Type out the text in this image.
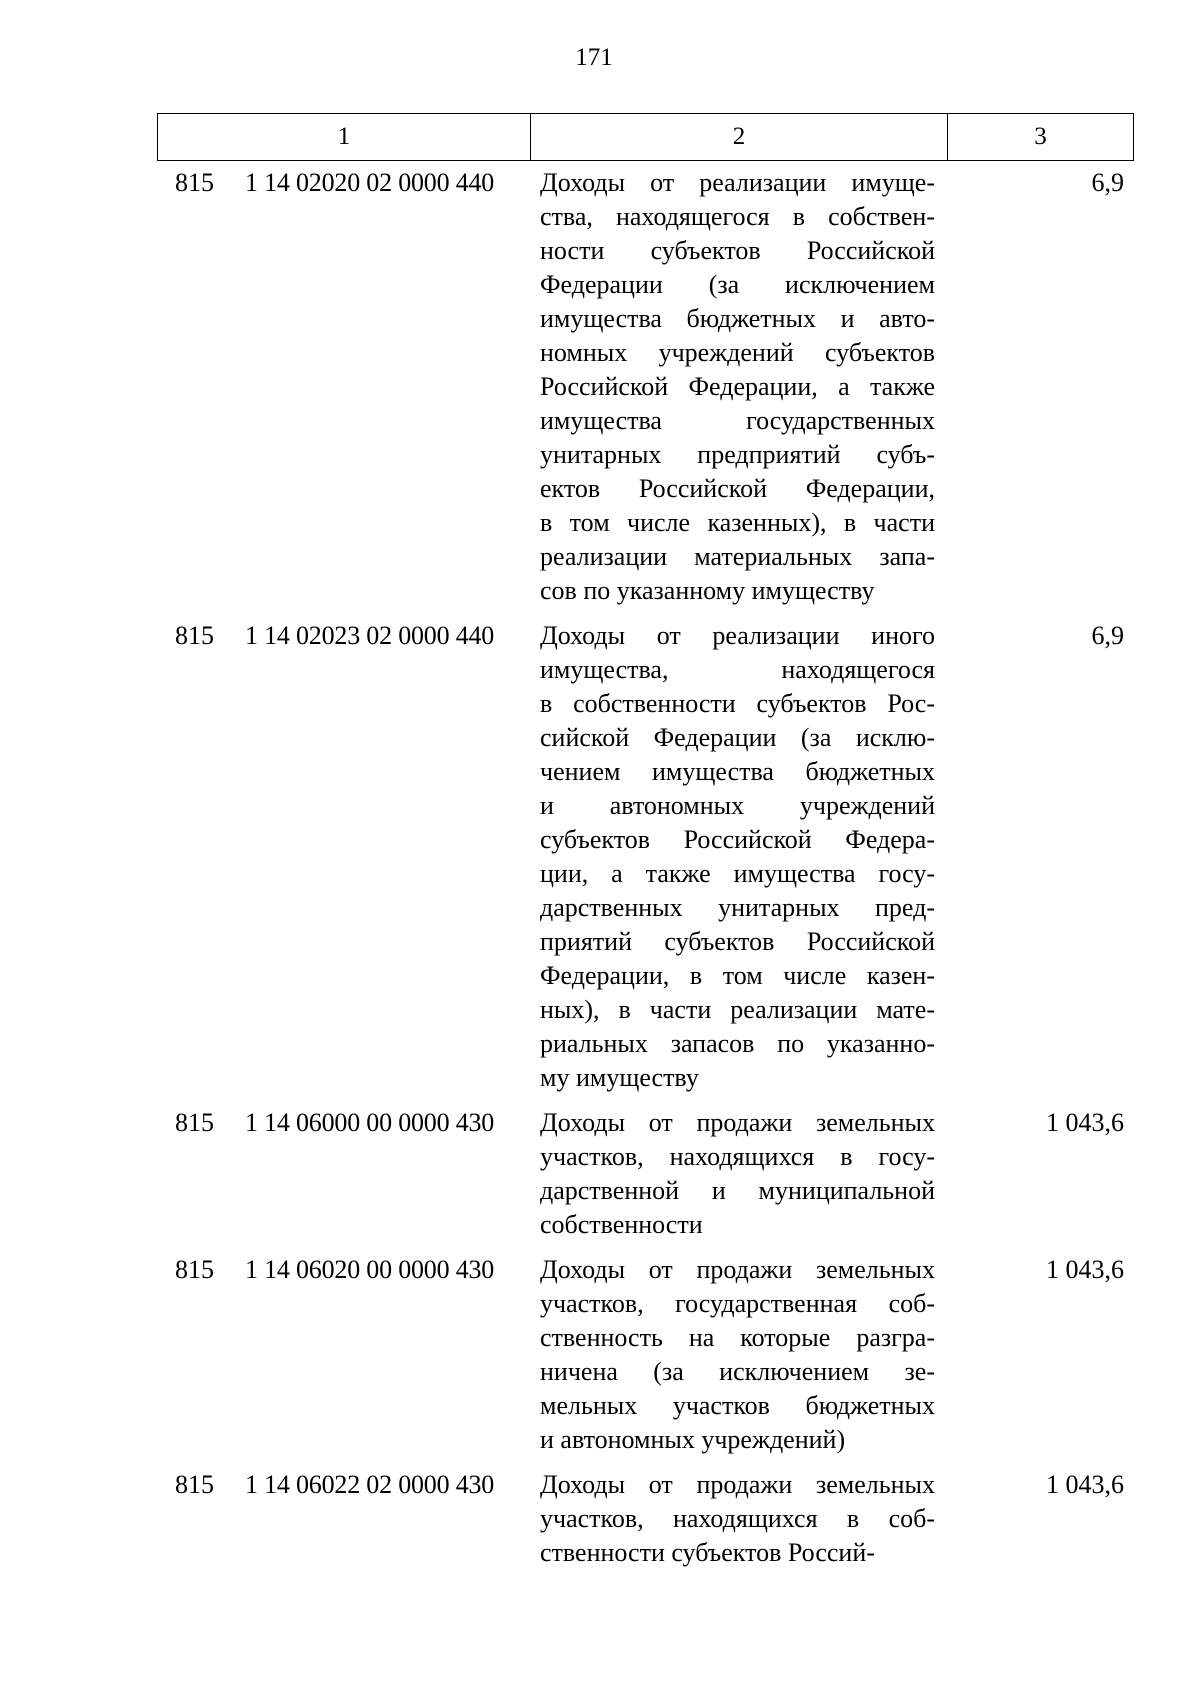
171
1	2	3
815 1 14 02020 02 0000 440 Доходы от реализации имуще-
ства, находящегося в собствен-
ности субъектов Российской
Федерации (за исключением
имущества бюджетных и авто-
номных учреждений субъектов
Российской Федерации, а также
имущества государственных
унитарных предприятий субъ-
ектов Российской Федерации,
в том числе казенных), в части
реализации материальных запа-
сов по указанному имуществу
6,9
815 1 14 02023 02 0000 440 Доходы от реализации иного
имущества, находящегося
в собственности субъектов Рос-
сийской Федерации (за исклю-
чением имущества бюджетных
и автономных учреждений
субъектов Российской Федера-
ции, а также имущества госу-
дарственных унитарных пред-
приятий субъектов Российской
Федерации, в том числе казен-
ных), в части реализации мате-
риальных запасов по указанно-
му имуществу
6,9
815 1 14 06000 00 0000 430 Доходы от продажи земельных
участков, находящихся в госу-
дарственной и муниципальной
собственности
1 043,6
815 1 14 06020 00 0000 430 Доходы от продажи земельных
участков, государственная соб-
ственность на которые разгра-
ничена (за исключением зе-
мельных участков бюджетных
и автономных учреждений)
1 043,6
815 1 14 06022 02 0000 430 Доходы от продажи земельных
участков, находящихся в соб-
ственности субъектов Россий-
1 043,6
